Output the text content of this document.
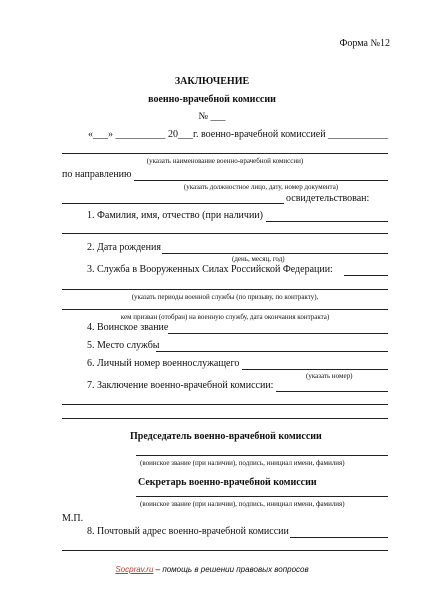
Форма №12
ЗАКЛЮЧЕНИЕ
военно-врачебной комиссии
№ ___
«___» __________ 20___г. военно-врачебной комиссией ____________
(указать наименование военно-врачебной комиссии)
по направлению
(указать должностное лицо, дату, номер документа)
освидетельствован:
1. Фамилия, имя, отчество (при наличии)
2. Дата рождения
(день, месяц, год)
3. Служба в Вооруженных Силах Российской Федерации:
(указать периоды военной службы (по призыву, по контракту),
кем призван (отобран) на военную службу, дата окончания контракта)
4. Воинское звание
5. Место службы
6. Личный номер военнослужащего
(указать номер)
7. Заключение военно-врачебной комиссии:
Председатель военно-врачебной комиссии
(воинское звание (при наличии), подпись, инициал имени, фамилия)
Секретарь военно-врачебной комиссии
(воинское звание (при наличии), подпись, инициал имени, фамилия)
М.П.
8. Почтовый адрес военно-врачебной комиссии
Socprav.ru – помощь в решении правовых вопросов
